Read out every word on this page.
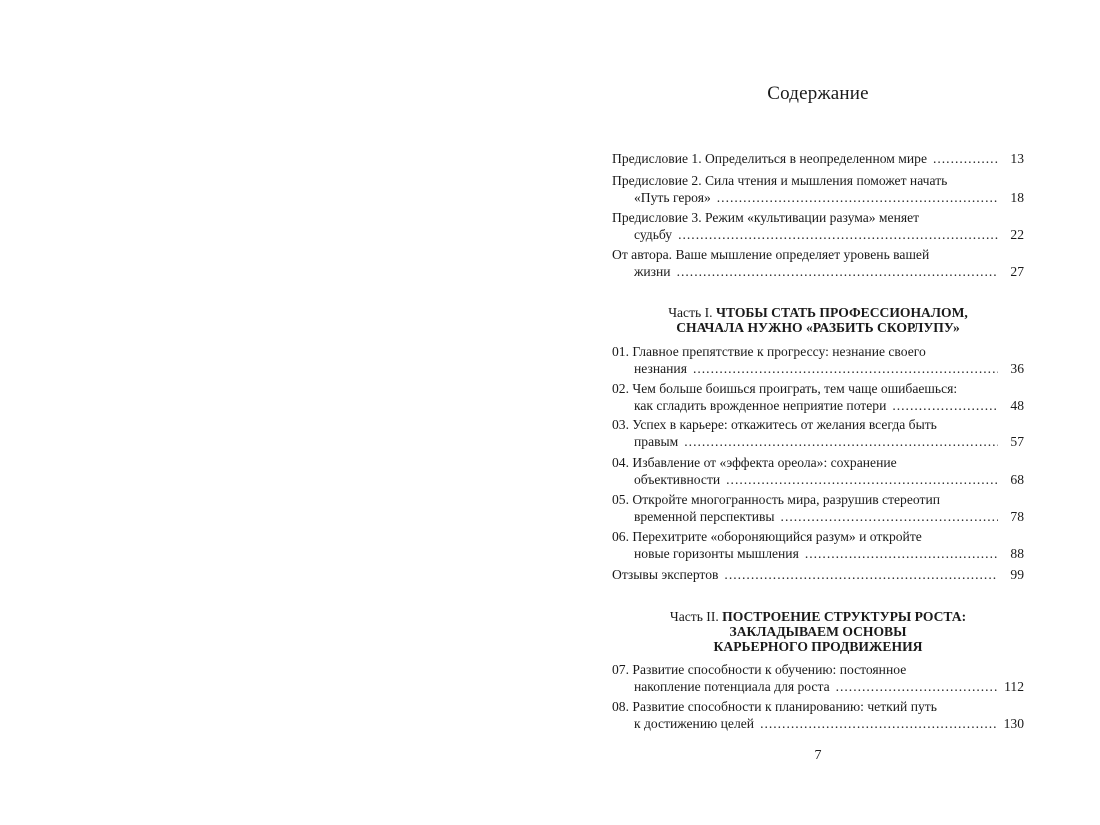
Содержание
Предисловие 1. Определиться в неопределенном мире .....	13
Предисловие 2. Сила чтения и мышления поможет начать
«Путь героя» .....	18
Предисловие 3. Режим «культивации разума» меняет
судьбу .....	22
От автора. Ваше мышление определяет уровень вашей
жизни .....	27
Часть I. ЧТОБЫ СТАТЬ ПРОФЕССИОНАЛОМ,
СНАЧАЛА НУЖНО «РАЗБИТЬ СКОРЛУПУ»
01. Главное препятствие к прогрессу: незнание своего
незнания .....	36
02. Чем больше боишься проиграть, тем чаще ошибаешься:
как сгладить врожденное неприятие потери .....	48
03. Успех в карьере: откажитесь от желания всегда быть
правым .....	57
04. Избавление от «эффекта ореола»: сохранение
объективности .....	68
05. Откройте многогранность мира, разрушив стереотип
временной перспективы .....	78
06. Перехитрите «обороняющийся разум» и откройте
новые горизонты мышления .....	88
Отзывы экспертов .....	99
Часть II. ПОСТРОЕНИЕ СТРУКТУРЫ РОСТА:
ЗАКЛАДЫВАЕМ ОСНОВЫ
КАРЬЕРНОГО ПРОДВИЖЕНИЯ
07. Развитие способности к обучению: постоянное
накопление потенциала для роста .....	112
08. Развитие способности к планированию: четкий путь
к достижению целей .....	130
7
